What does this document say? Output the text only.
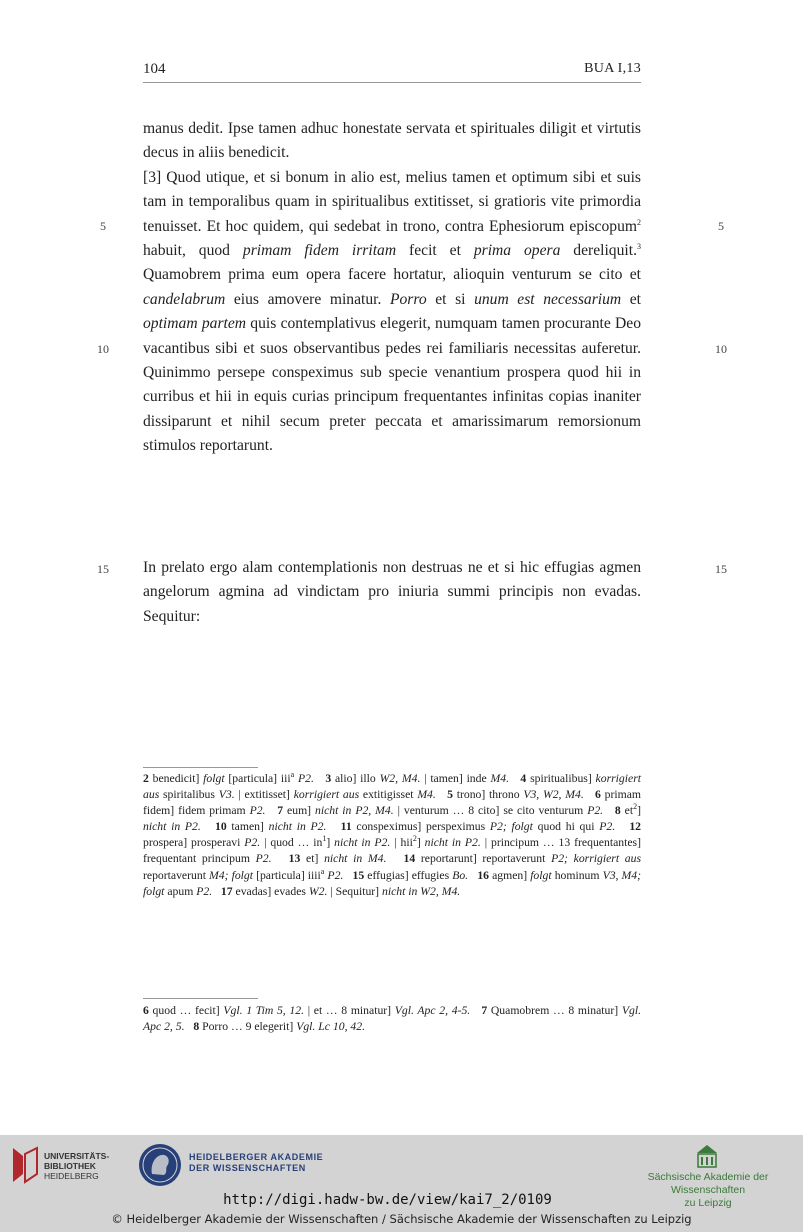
104	BUA I,13
5	5
10	10
15	15

manus dedit. Ipse tamen adhuc honestate servata et spirituales diligit et virtutis decus in aliis benedicit.

[3] Quod utique, et si bonum in alio est, melius tamen et optimum sibi et suis tam in temporalibus quam in spiritualibus extitisset, si gratioris vite primordia tenuisset. Et hoc quidem, qui sedebat in trono, contra Ephesiorum episcopum$^2$ habuit, quod primam fidem irritam fecit et prima opera dereliquit.$^3$ Quamobrem prima eum opera facere hortatur, alioquin venturum se cito et candelabrum eius amovere minatur. Porro et si unum est necessarium et optimam partem quis contemplativus elegerit, numquam tamen procurante Deo vacantibus sibi et suos observantibus pedes rei familiaris necessitas auferetur. Quinimmo persepe conspeximus sub specie venantium prospera quod hii in curribus et hii in equis curias principum frequentantes infinitas copias inaniter dissiparunt et nihil secum preter peccata et amarissimarum remorsionum stimulos reportarunt.

In prelato ergo alam contemplationis non destruas ne et si hic effugias agmen angelorum agmina ad vindictam pro iniuria summi principis non evadas. Sequitur:

2 benedicit] folgt [particula] iii$^a$ P2. 3 alio] illo W2, M4. | tamen] inde M4. 4 spiritualibus] korrigiert aus spiritalibus V3. | extitisset] korrigiert aus extitigisset M4. 5 trono] throno V3, W2, M4. 6 primam fidem] fidem primam P2. 7 eum] nicht in P2, M4. | venturum … 8 cito] se cito venturum P2. 8 $et^2$] nicht in P2. 10 tamen] nicht in P2. 11 conspeximus] perspeximus P2; folgt quod hi qui P2. 12 prospera] prosperavi P2. | quod … $in^1$] nicht in P2. | hii$^2$] nicht in P2. | principum … 13 frequentantes] frequentant principum P2. 13 et] nicht in M4. 14 reportarunt] reportaverunt P2; korrigiert aus reportaverunt M4; folgt [particula] iiii$^a$ P2. 15 effugias] effugies Bo. 16 agmen] folgt hominum V3, M4; folgt apum P2. 17 evadas] evades W2. | Sequitur] nicht in W2, M4.

6 quod … fecit] Vgl. 1 Tim 5, 12. | et … 8 minatur] Vgl. Apc 2, 4-5. 7 Quamobrem … 8 minatur] Vgl. Apc 2, 5. 8 Porro … 9 elegerit] Vgl. Lc 10, 42.

UNIVERSITÄTS-
BIBLIOTHEK
HEIDELBERG
HEIDELBERGER AKADEMIE
DER WISSENSCHAFTEN
Sächsische Akademie der Wissenschaften
zu Leipzig
http://digi.hadw-bw.de/view/kai7_2/0109
© Heidelberger Akademie der Wissenschaften / Sächsische Akademie der Wissenschaften zu Leipzig
